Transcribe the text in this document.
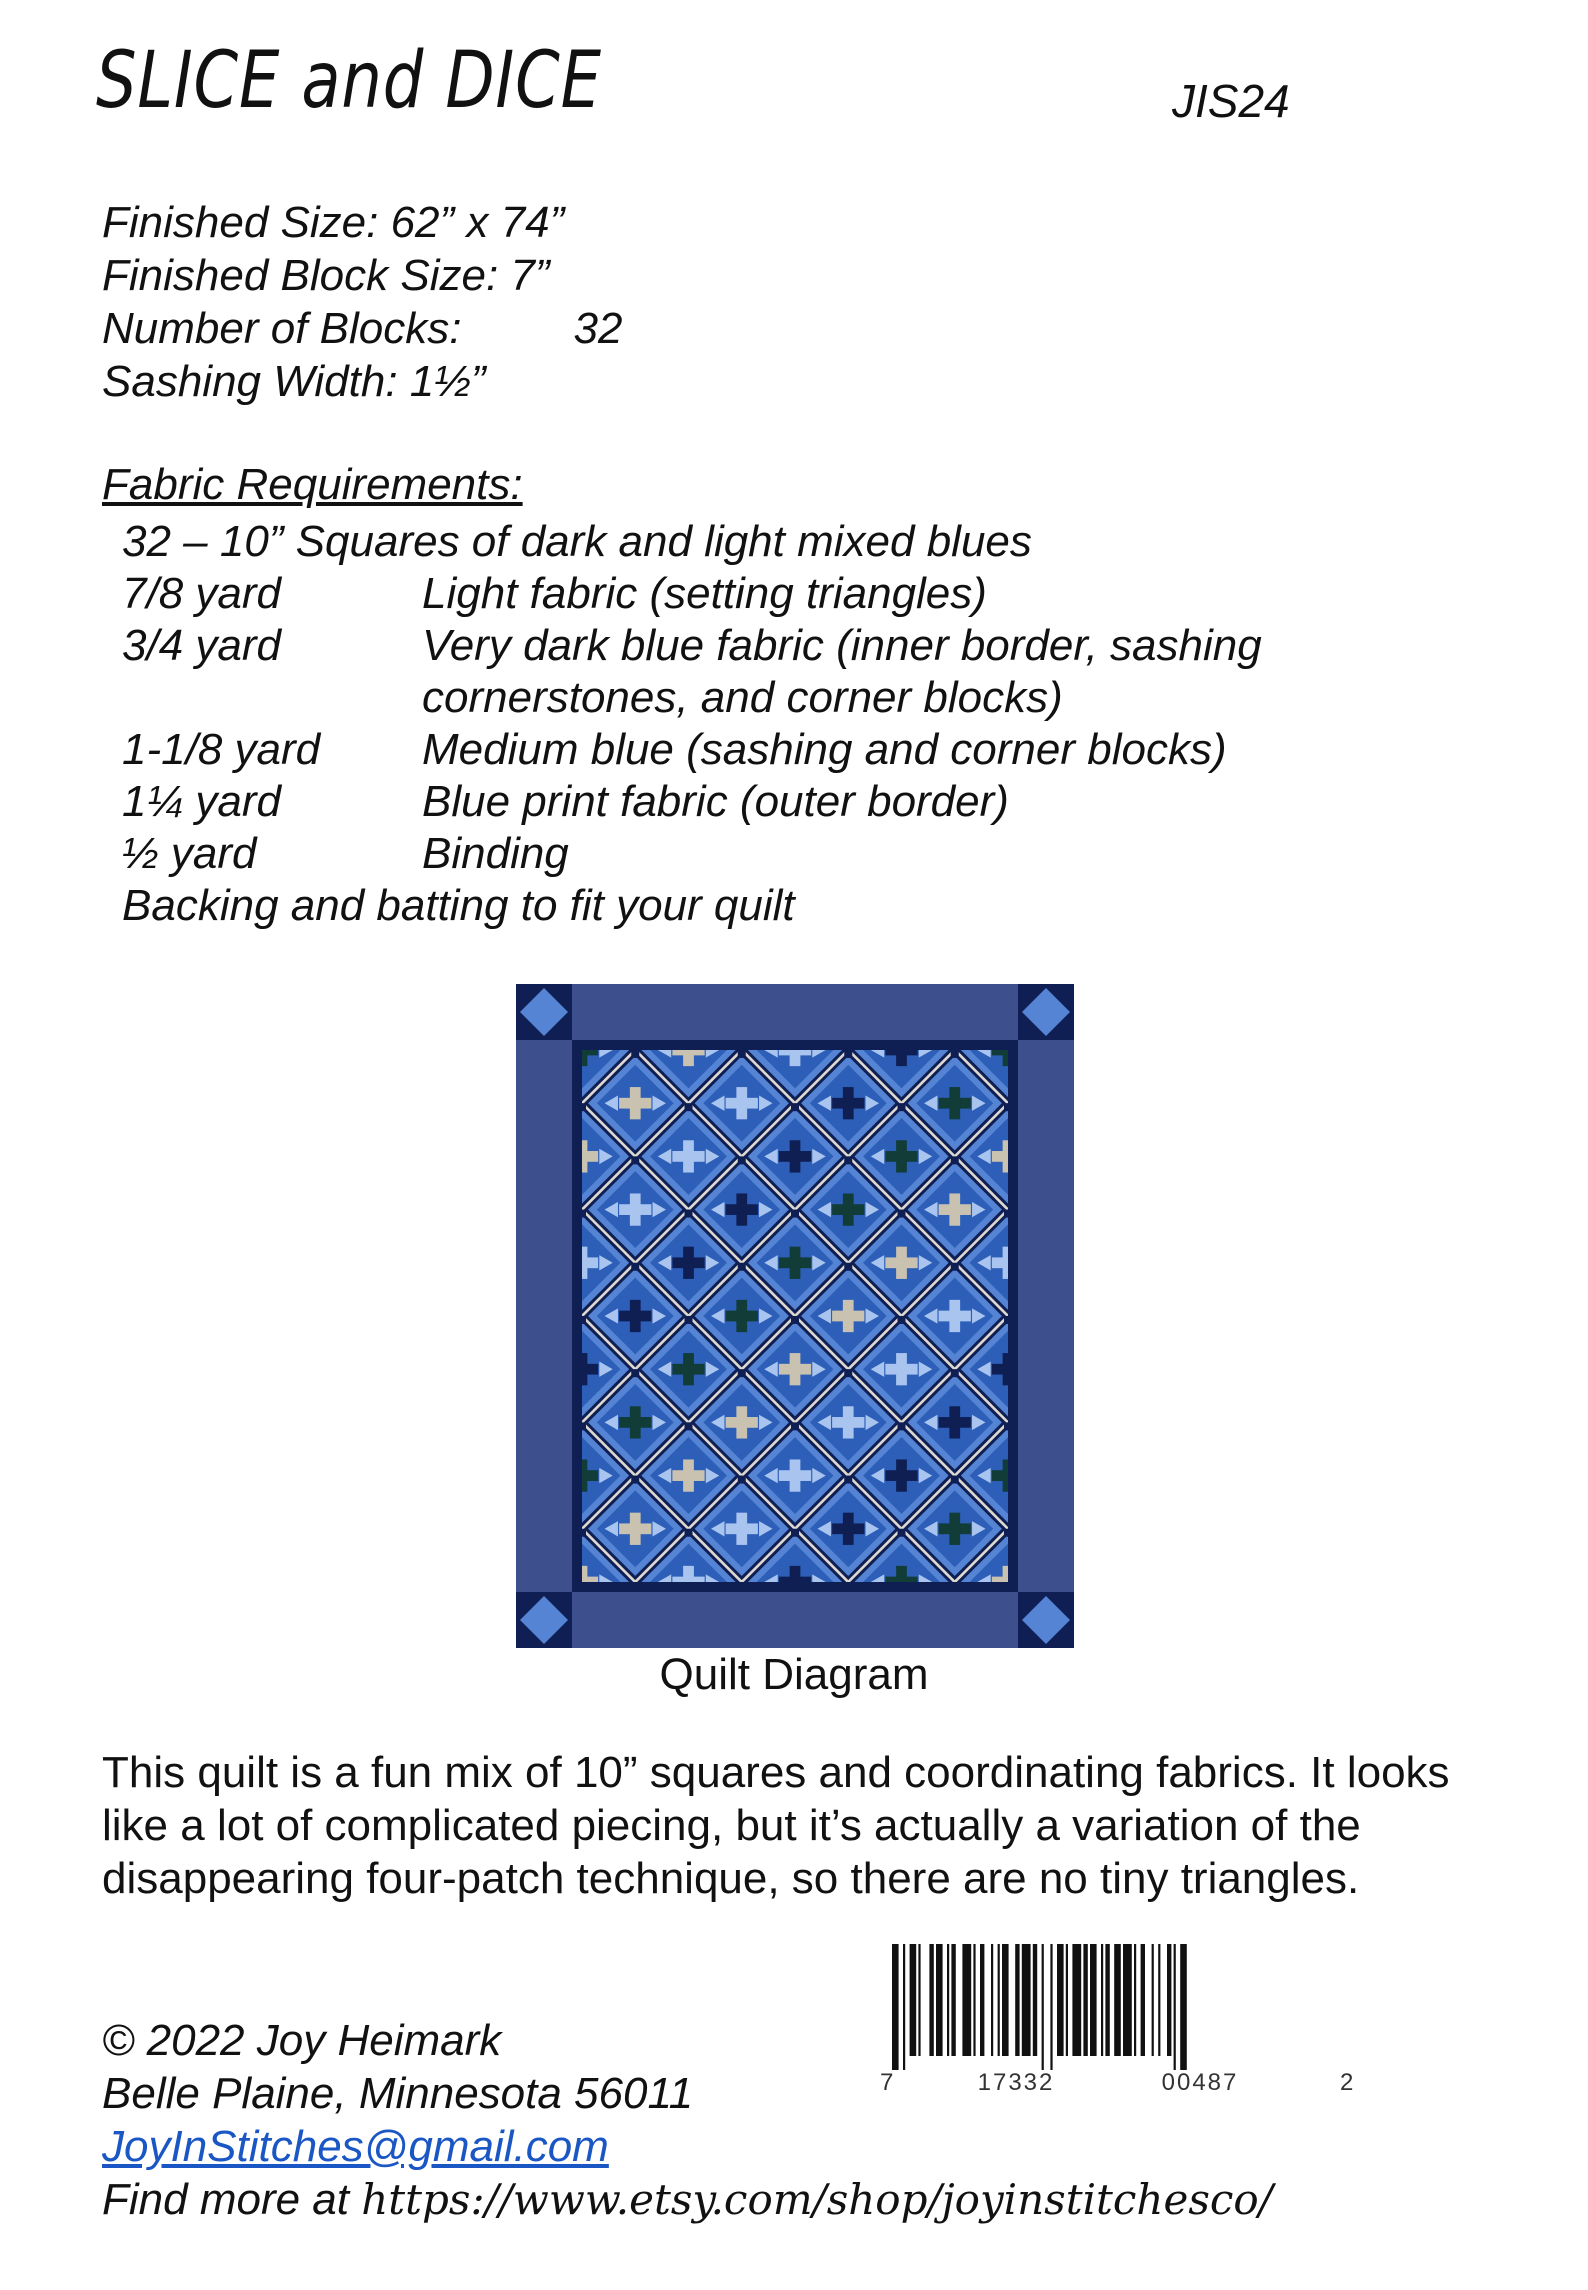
SLICE and DICE	JIS24
Finished Size: 62” x 74”
Finished Block Size: 7”
Number of Blocks:	32
Sashing Width: 1½”
Fabric Requirements:
32 – 10” Squares of dark and light mixed blues
7/8 yard	Light fabric (setting triangles)
3/4 yard	Very dark blue fabric (inner border, sashing cornerstones, and corner blocks)
1-1/8 yard	Medium blue (sashing and corner blocks)
1¼ yard	Blue print fabric (outer border)
½ yard	Binding
Backing and batting to fit your quilt
Quilt Diagram
This quilt is a fun mix of 10” squares and coordinating fabrics. It looks like a lot of complicated piecing, but it’s actually a variation of the disappearing four-patch technique, so there are no tiny triangles.
© 2022 Joy Heimark
Belle Plaine, Minnesota 56011
JoyInStitches@gmail.com
Find more at https://www.etsy.com/shop/joyinstitchesco/
7	17332	00487	2
